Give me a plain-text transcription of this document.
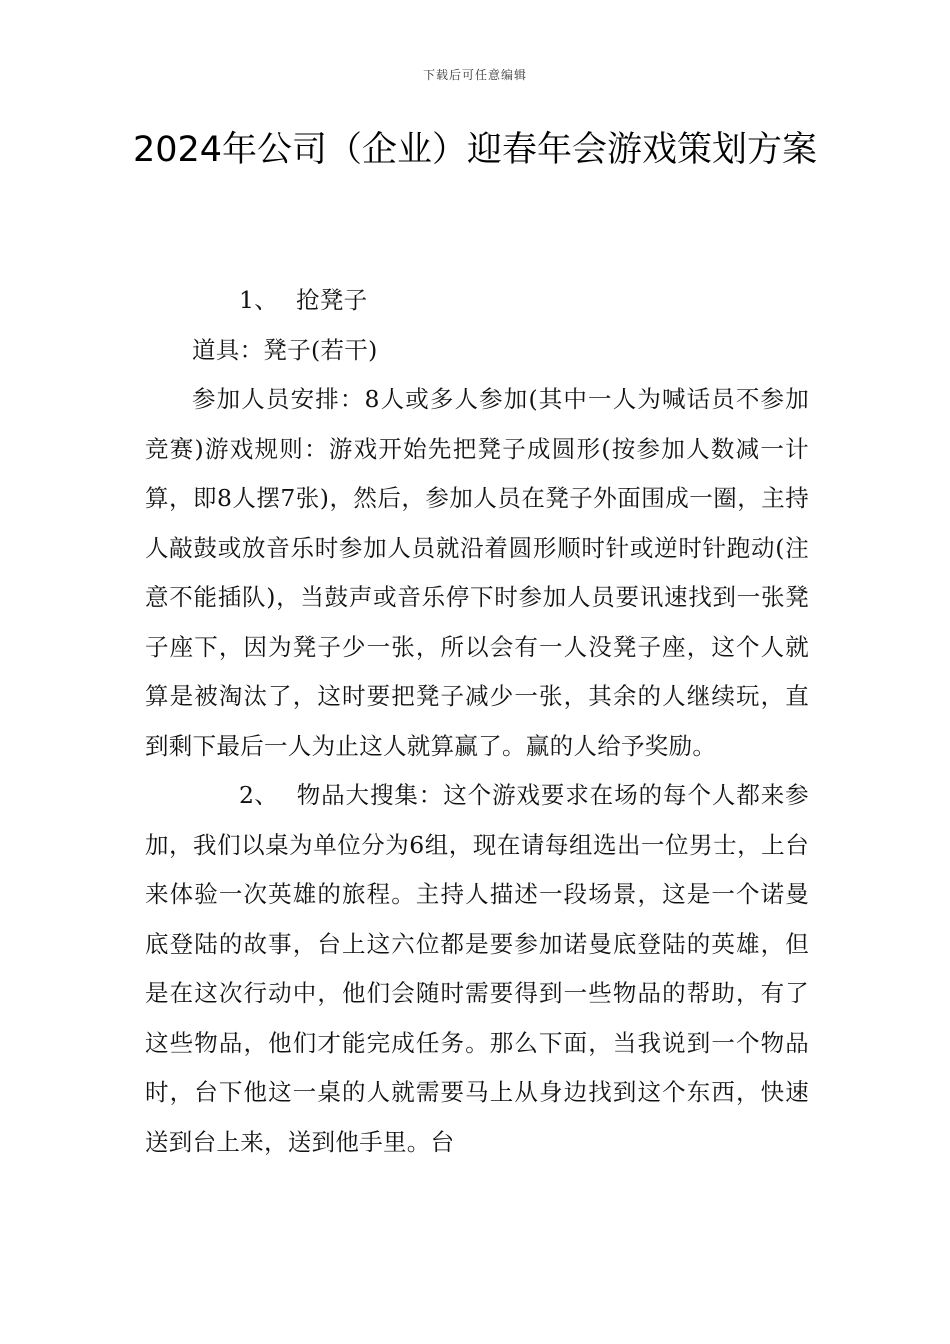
下载后可任意编辑
2024年公司（企业）迎春年会游戏策划方案

1、 抢凳子

道具：凳子(若干)

参加人员安排：8人或多人参加(其中一人为喊话员不参加竞赛)游戏规则：游戏开始先把凳子成圆形(按参加人数减一计算，即8人摆7张)，然后，参加人员在凳子外面围成一圈，主持人敲鼓或放音乐时参加人员就沿着圆形顺时针或逆时针跑动(注意不能插队)，当鼓声或音乐停下时参加人员要讯速找到一张凳子座下，因为凳子少一张，所以会有一人没凳子座，这个人就算是被淘汰了，这时要把凳子减少一张，其余的人继续玩，直到剩下最后一人为止这人就算赢了。赢的人给予奖励。

2、 物品大搜集：这个游戏要求在场的每个人都来参加，我们以桌为单位分为6组，现在请每组选出一位男士，上台来体验一次英雄的旅程。主持人描述一段场景，这是一个诺曼底登陆的故事，台上这六位都是要参加诺曼底登陆的英雄，但是在这次行动中，他们会随时需要得到一些物品的帮助，有了这些物品，他们才能完成任务。那么下面，当我说到一个物品时，台下他这一桌的人就需要马上从身边找到这个东西，快速送到台上来，送到他手里。台
